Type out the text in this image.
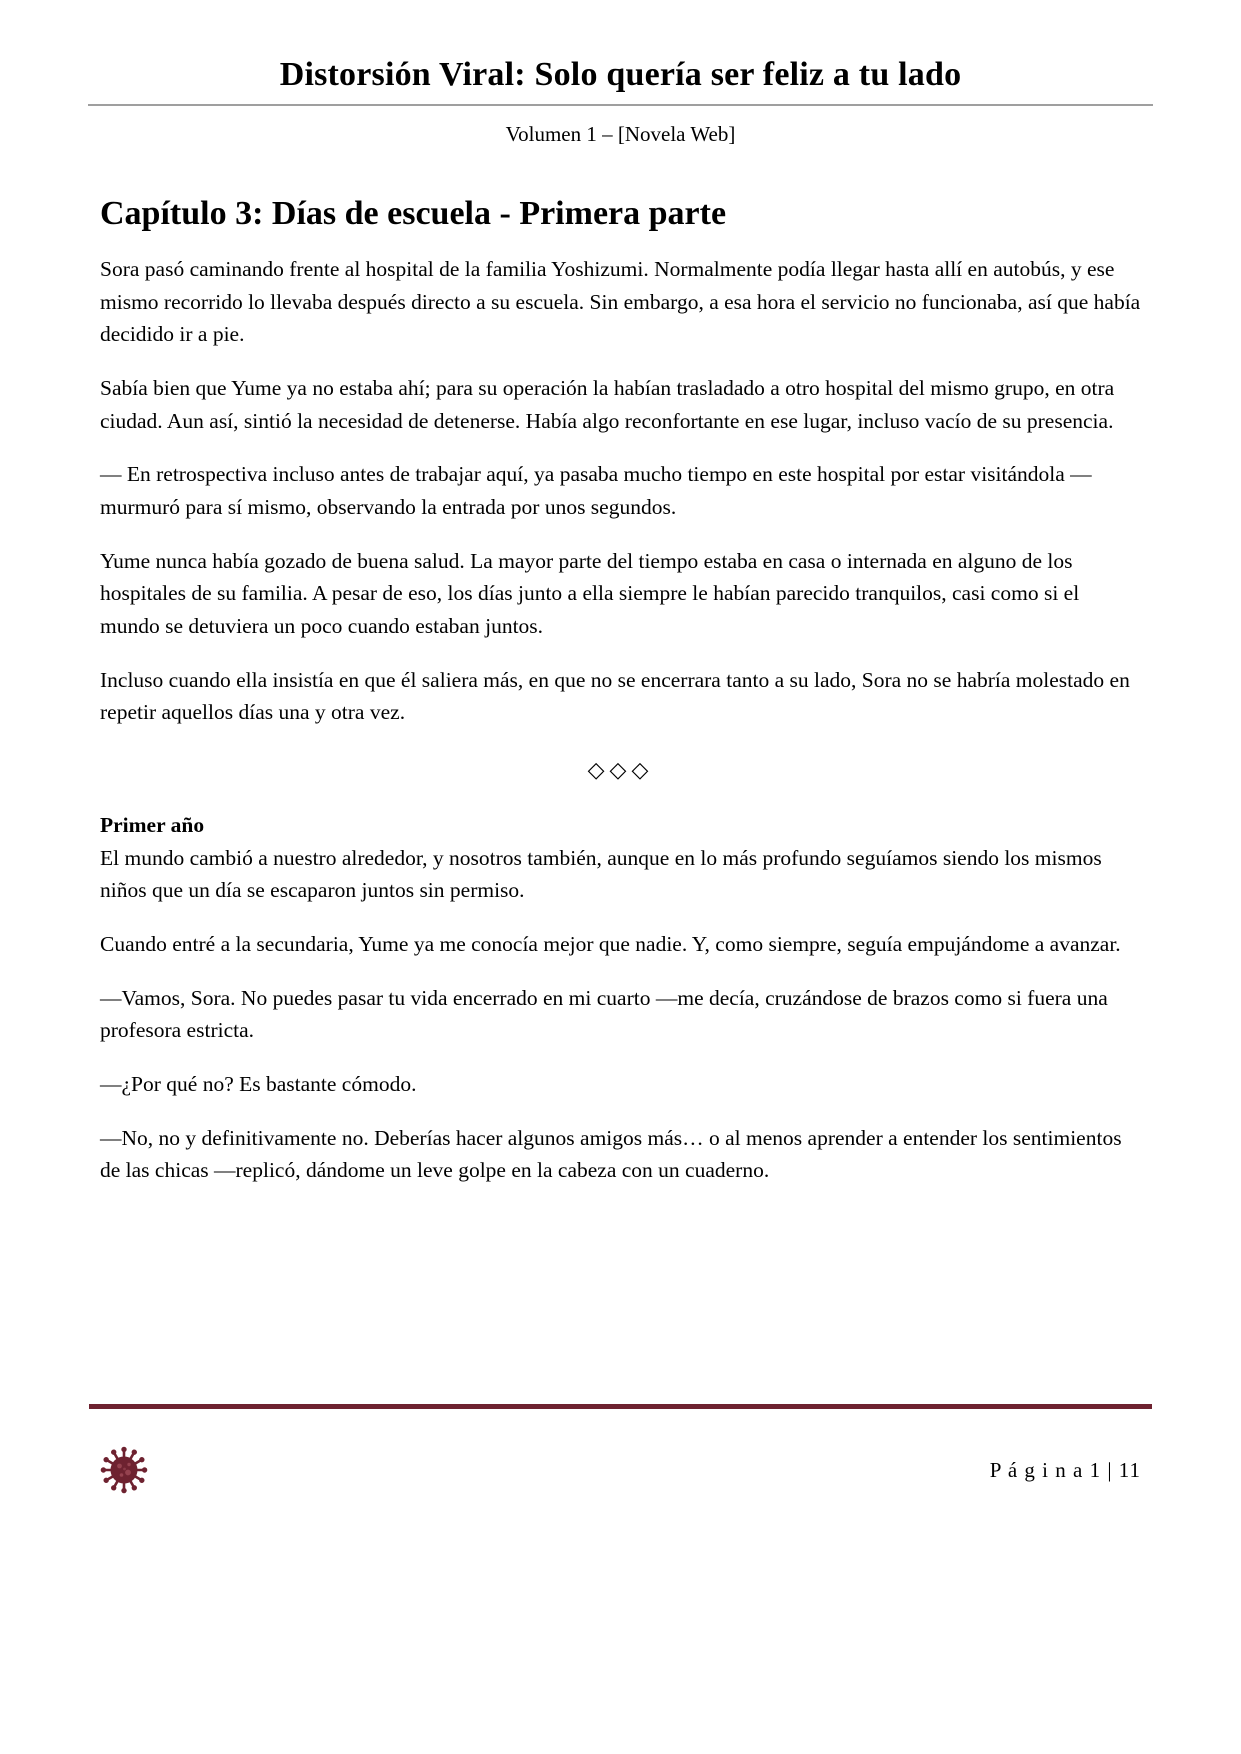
Distorsión Viral: Solo quería ser feliz a tu lado
Volumen 1 – [Novela Web]
Capítulo 3: Días de escuela - Primera parte

Sora pasó caminando frente al hospital de la familia Yoshizumi. Normalmente podía llegar hasta allí en autobús, y ese mismo recorrido lo llevaba después directo a su escuela. Sin embargo, a esa hora el servicio no funcionaba, así que había decidido ir a pie.

Sabía bien que Yume ya no estaba ahí; para su operación la habían trasladado a otro hospital del mismo grupo, en otra ciudad. Aun así, sintió la necesidad de detenerse. Había algo reconfortante en ese lugar, incluso vacío de su presencia.

— En retrospectiva incluso antes de trabajar aquí, ya pasaba mucho tiempo en este hospital por estar visitándola — murmuró para sí mismo, observando la entrada por unos segundos.

Yume nunca había gozado de buena salud. La mayor parte del tiempo estaba en casa o internada en alguno de los hospitales de su familia. A pesar de eso, los días junto a ella siempre le habían parecido tranquilos, casi como si el mundo se detuviera un poco cuando estaban juntos.

Incluso cuando ella insistía en que él saliera más, en que no se encerrara tanto a su lado, Sora no se habría molestado en repetir aquellos días una y otra vez.

◇◇◇

Primer año
El mundo cambió a nuestro alrededor, y nosotros también, aunque en lo más profundo seguíamos siendo los mismos niños que un día se escaparon juntos sin permiso.

Cuando entré a la secundaria, Yume ya me conocía mejor que nadie. Y, como siempre, seguía empujándome a avanzar.

—Vamos, Sora. No puedes pasar tu vida encerrado en mi cuarto —me decía, cruzándose de brazos como si fuera una profesora estricta.

—¿Por qué no? Es bastante cómodo.

—No, no y definitivamente no. Deberías hacer algunos amigos más… o al menos aprender a entender los sentimientos de las chicas —replicó, dándome un leve golpe en la cabeza con un cuaderno.

P á g i n a 1 | 11
